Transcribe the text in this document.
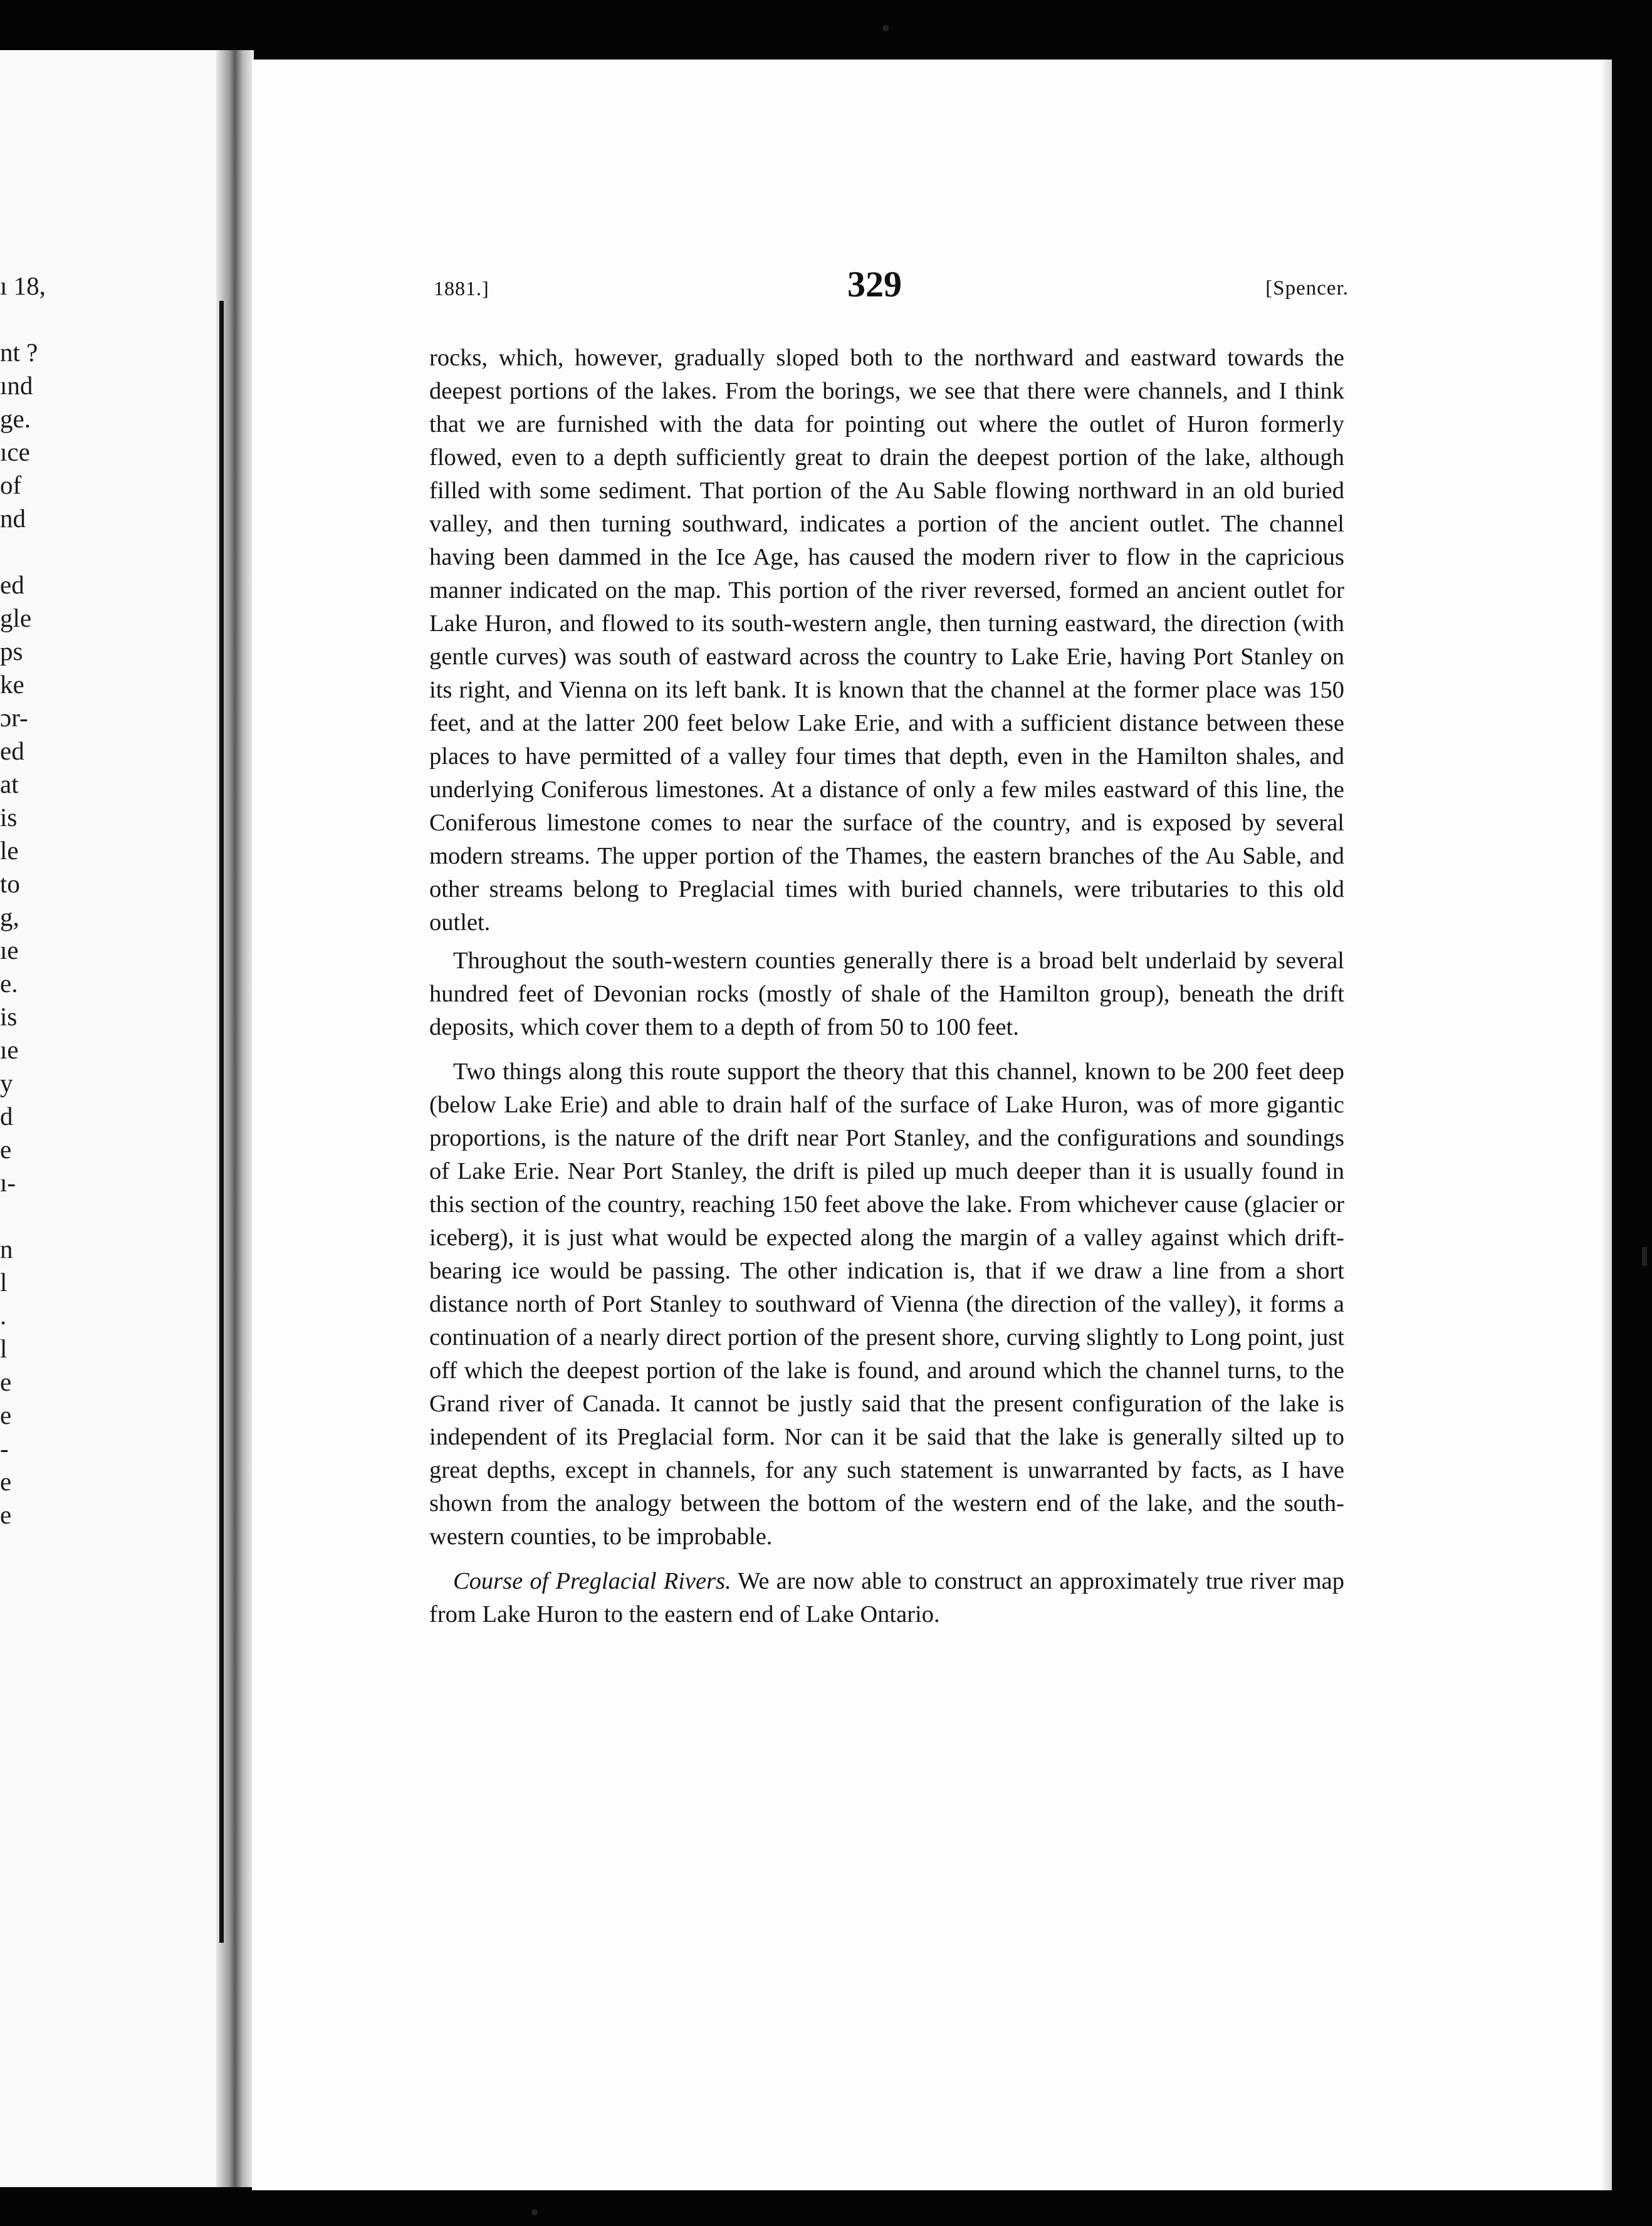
ı 18,
nt ?
ınd
ge.
ıce
of
nd
ed
gle
ps
ke
ɔr-
ed
at
is
le
to
g,
ıe
e.
is
ıe
y
d
e
ı-
n
l
.
l
e
e
-
e
e
1881.]	329	[Spencer.

rocks, which, however, gradually sloped both to the northward and eastward towards the deepest portions of the lakes. From the borings, we see that there were channels, and I think that we are furnished with the data for pointing out where the outlet of Huron formerly flowed, even to a depth sufficiently great to drain the deepest portion of the lake, although filled with some sediment. That portion of the Au Sable flowing northward in an old buried valley, and then turning southward, indicates a portion of the ancient outlet. The channel having been dammed in the Ice Age, has caused the modern river to flow in the capricious manner indicated on the map. This portion of the river reversed, formed an ancient outlet for Lake Huron, and flowed to its south-western angle, then turning eastward, the direction (with gentle curves) was south of eastward across the country to Lake Erie, having Port Stanley on its right, and Vienna on its left bank. It is known that the channel at the former place was 150 feet, and at the latter 200 feet below Lake Erie, and with a sufficient distance between these places to have permitted of a valley four times that depth, even in the Hamilton shales, and underlying Coniferous limestones. At a distance of only a few miles eastward of this line, the Coniferous limestone comes to near the surface of the country, and is exposed by several modern streams. The upper portion of the Thames, the eastern branches of the Au Sable, and other streams belong to Preglacial times with buried channels, were tributaries to this old outlet.

Throughout the south-western counties generally there is a broad belt underlaid by several hundred feet of Devonian rocks (mostly of shale of the Hamilton group), beneath the drift deposits, which cover them to a depth of from 50 to 100 feet.

Two things along this route support the theory that this channel, known to be 200 feet deep (below Lake Erie) and able to drain half of the surface of Lake Huron, was of more gigantic proportions, is the nature of the drift near Port Stanley, and the configurations and soundings of Lake Erie. Near Port Stanley, the drift is piled up much deeper than it is usually found in this section of the country, reaching 150 feet above the lake. From whichever cause (glacier or iceberg), it is just what would be expected along the margin of a valley against which drift-bearing ice would be passing. The other indication is, that if we draw a line from a short distance north of Port Stanley to southward of Vienna (the direction of the valley), it forms a continuation of a nearly direct portion of the present shore, curving slightly to Long point, just off which the deepest portion of the lake is found, and around which the channel turns, to the Grand river of Canada. It cannot be justly said that the present configuration of the lake is independent of its Preglacial form. Nor can it be said that the lake is generally silted up to great depths, except in channels, for any such statement is unwarranted by facts, as I have shown from the analogy between the bottom of the western end of the lake, and the south-western counties, to be improbable.

Course of Preglacial Rivers. We are now able to construct an approximately true river map from Lake Huron to the eastern end of Lake Ontario.
